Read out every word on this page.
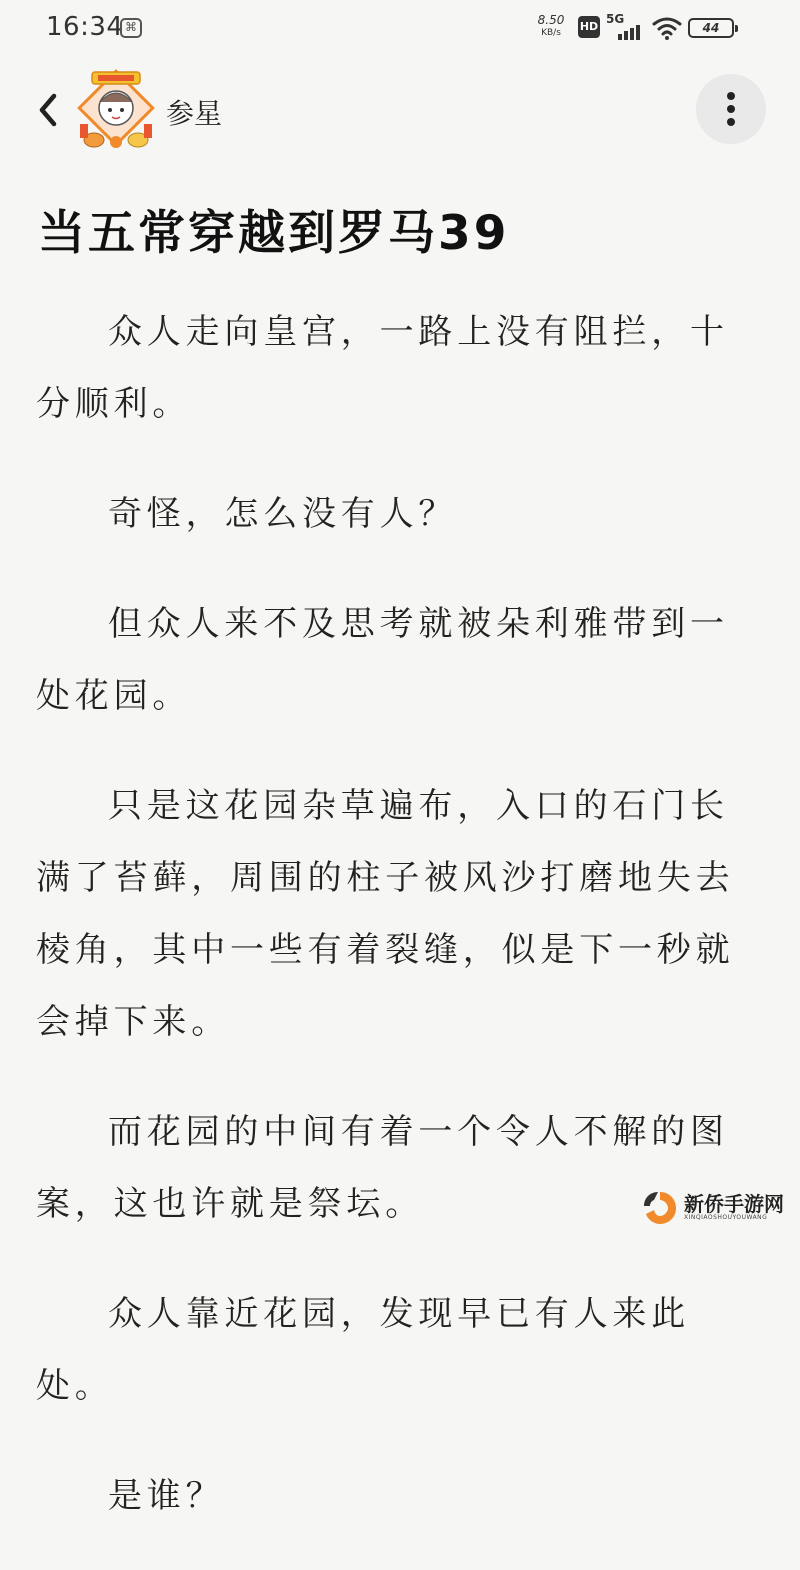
16:34 ⌘	8.50
KB/s	HD
5G
44
参星
当五常穿越到罗马39

众人走向皇宫，一路上没有阻拦，十分顺利。

奇怪，怎么没有人？

但众人来不及思考就被朵利雅带到一处花园。

只是这花园杂草遍布，入口的石门长满了苔藓，周围的柱子被风沙打磨地失去棱角，其中一些有着裂缝，似是下一秒就会掉下来。

而花园的中间有着一个令人不解的图案，这也许就是祭坛。

众人靠近花园，发现早已有人来此处。

是谁？

新侨手游网
XINQIAOSHOUYOUWANG
